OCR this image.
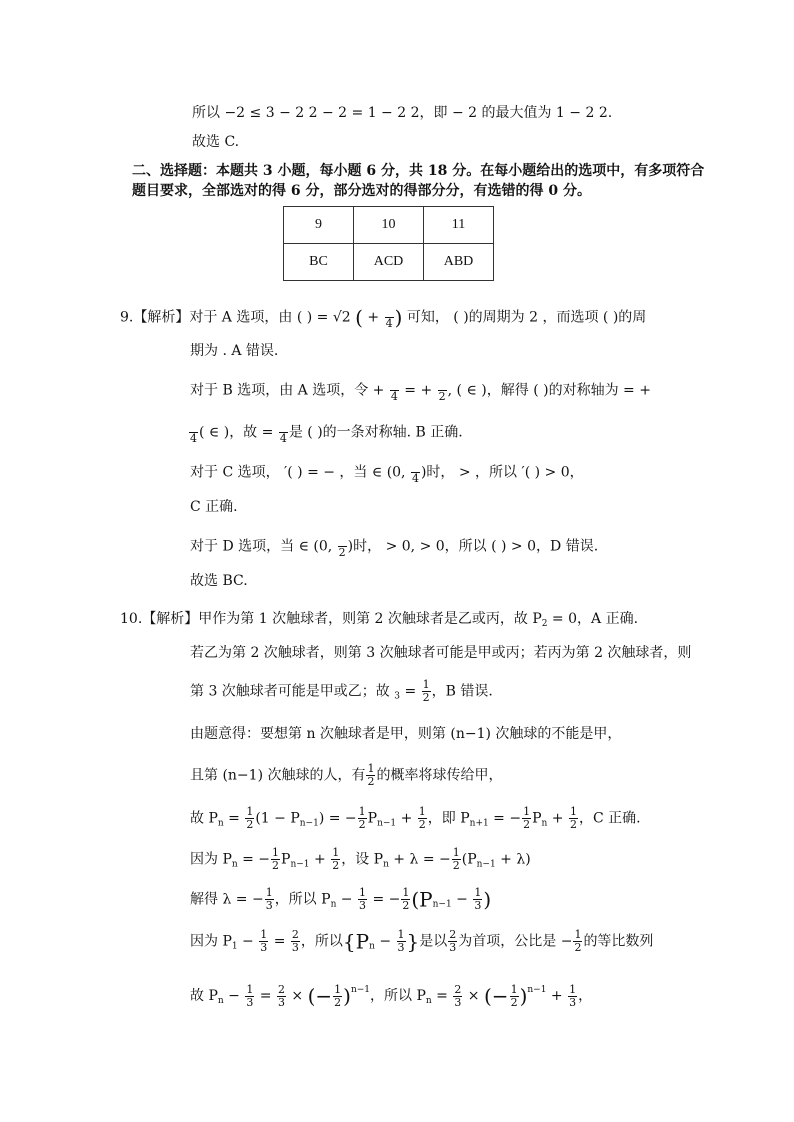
所以 −2 ≤ 3 − 2 2 − 2 = 1 − 2 2，即 − 2 的最大值为 1 − 2 2.
故选 C.
二、选择题：本题共 3 小题，每小题 6 分，共 18 分。在每小题给出的选项中，有多项符合
题目要求，全部选对的得 6 分，部分选对的得部分分，有选错的得 0 分。
9	10	11
BC	ACD	ABD
9.【解析】对于 A 选项，由 ( ) = √2 ( + 4 ) 可知， ( )的周期为 2 ，而选项 ( )的周
期为 . A 错误.
对于 B 选项，由 A 选项，令 + 4 = + 2 , ( ∈ )，解得 ( )的对称轴为 = +
4 ( ∈ )，故 = 4 是 ( )的一条对称轴. B 正确.
对于 C 选项， ′( ) = − ，当 ∈ (0, 4 )时， > ，所以 ′( ) > 0，
C 正确.
对于 D 选项，当 ∈ (0, 2 )时， > 0, > 0，所以 ( ) > 0，D 错误.
故选 BC.
10.【解析】甲作为第 1 次触球者，则第 2 次触球者是乙或丙，故 $P_2 = 0$，A 正确.
若乙为第 2 次触球者，则第 3 次触球者可能是甲或丙；若丙为第 2 次触球者，则
第 3 次触球者可能是甲或乙；故 $_3 = \frac{1}{2}$ ，B 错误.
由题意得：要想第 n 次触球者是甲，则第 (n−1) 次触球的不能是甲，
且第 (n−1) 次触球的人，有 $\frac{1}{2}$ 的概率将球传给甲，
故 $P_n = \frac{1}{2} (1 - P_{n-1})$ = − $\frac{1}{2} P_{n-1} + \frac{1}{2}$ ，即 $P_{n+1}$ = − $\frac{1}{2} P_n + \frac{1}{2}$ ，C 正确.
因为 $P_n$ = − $\frac{1}{2} P_{n-1} + \frac{1}{2}$ ，设 $P_n + \lambda$ = − $\frac{1}{2} (P_{n-1} + \lambda)$
解得 λ = − $\frac{1}{3}$ ，所以 $P_n - \frac{1}{3}$ = − $\frac{1}{2} (P_{n-1} - \frac{1}{3}$ )
因为 $P_1 - \frac{1}{3} = \frac{2}{3}$ ，所以{$P_n - \frac{1}{3}$ }是以 $\frac{2}{3}$ 为首项，公比是 − $\frac{1}{2}$ 的等比数列
故 $P_n - \frac{1}{3} = \frac{2}{3}$ × (− $\frac{1}{2} )^{n-1}$，所以 $P_n = \frac{2}{3}$ × (− $\frac{1}{2} )^{n-1} + \frac{1}{3}$ ，
